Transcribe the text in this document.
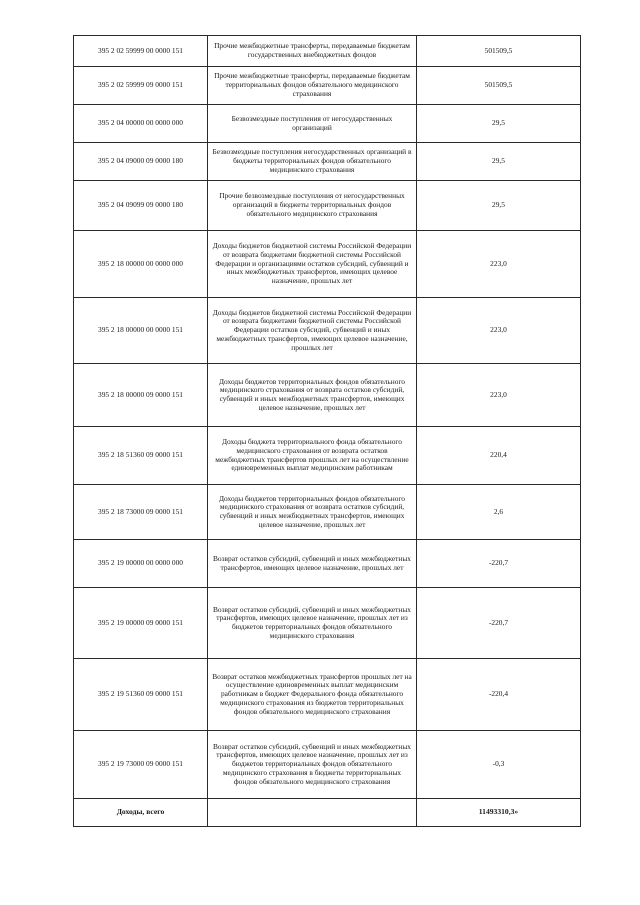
395 2 02 59999 00 0000 151	Прочие межбюджетные трансферты, передаваемые бюджетам государственных внебюджетных фондов	501509,5
395 2 02 59999 09 0000 151	Прочие межбюджетные трансферты, передаваемые бюджетам территориальных фондов обязательного медицинского страхования	501509,5
395 2 04 00000 00 0000 000	Безвозмездные поступления от негосударственных организаций	29,5
395 2 04 09000 09 0000 180	Безвозмездные поступления негосударственных организаций в бюджеты территориальных фондов обязательного медицинского страхования	29,5
395 2 04 09099 09 0000 180	Прочие безвозмездные поступления от негосударственных организаций в бюджеты территориальных фондов обязательного медицинского страхования	29,5
395 2 18 00000 00 0000 000	Доходы бюджетов бюджетной системы Российской Федерации от возврата бюджетами бюджетной системы Российской Федерации и организациями остатков субсидий, субвенций и иных межбюджетных трансфертов, имеющих целевое назначение, прошлых лет	223,0
395 2 18 00000 00 0000 151	Доходы бюджетов бюджетной системы Российской Федерации от возврата бюджетами бюджетной системы Российской Федерации остатков субсидий, субвенций и иных межбюджетных трансфертов, имеющих целевое назначение, прошлых лет	223,0
395 2 18 00000 09 0000 151	Доходы бюджетов территориальных фондов обязательного медицинского страхования от возврата остатков субсидий, субвенций и иных межбюджетных трансфертов, имеющих целевое назначение, прошлых лет	223,0
395 2 18 51360 09 0000 151	Доходы бюджета территориального фонда обязательного медицинского страхования от возврата остатков межбюджетных трансфертов прошлых лет на осуществление единовременных выплат медицинским работникам	220,4
395 2 18 73000 09 0000 151	Доходы бюджетов территориальных фондов обязательного медицинского страхования от возврата остатков субсидий, субвенций и иных межбюджетных трансфертов, имеющих целевое назначение, прошлых лет	2,6
395 2 19 00000 00 0000 000	Возврат остатков субсидий, субвенций и иных межбюджетных трансфертов, имеющих целевое назначение, прошлых лет	-220,7
395 2 19 00000 09 0000 151	Возврат остатков субсидий, субвенций и иных межбюджетных трансфертов, имеющих целевое назначение, прошлых лет из бюджетов территориальных фондов обязательного медицинского страхования	-220,7
395 2 19 51360 09 0000 151	Возврат остатков межбюджетных трансфертов прошлых лет на осуществление единовременных выплат медицинским работникам в бюджет Федерального фонда обязательного медицинского страхования из бюджетов территориальных фондов обязательного медицинского страхования	-220,4
395 2 19 73000 09 0000 151	Возврат остатков субсидий, субвенций и иных межбюджетных трансфертов, имеющих целевое назначение, прошлых лет из бюджетов территориальных фондов обязательного медицинского страхования в бюджеты территориальных фондов обязательного медицинского страхования	-0,3
Доходы, всего		11493310,3»
